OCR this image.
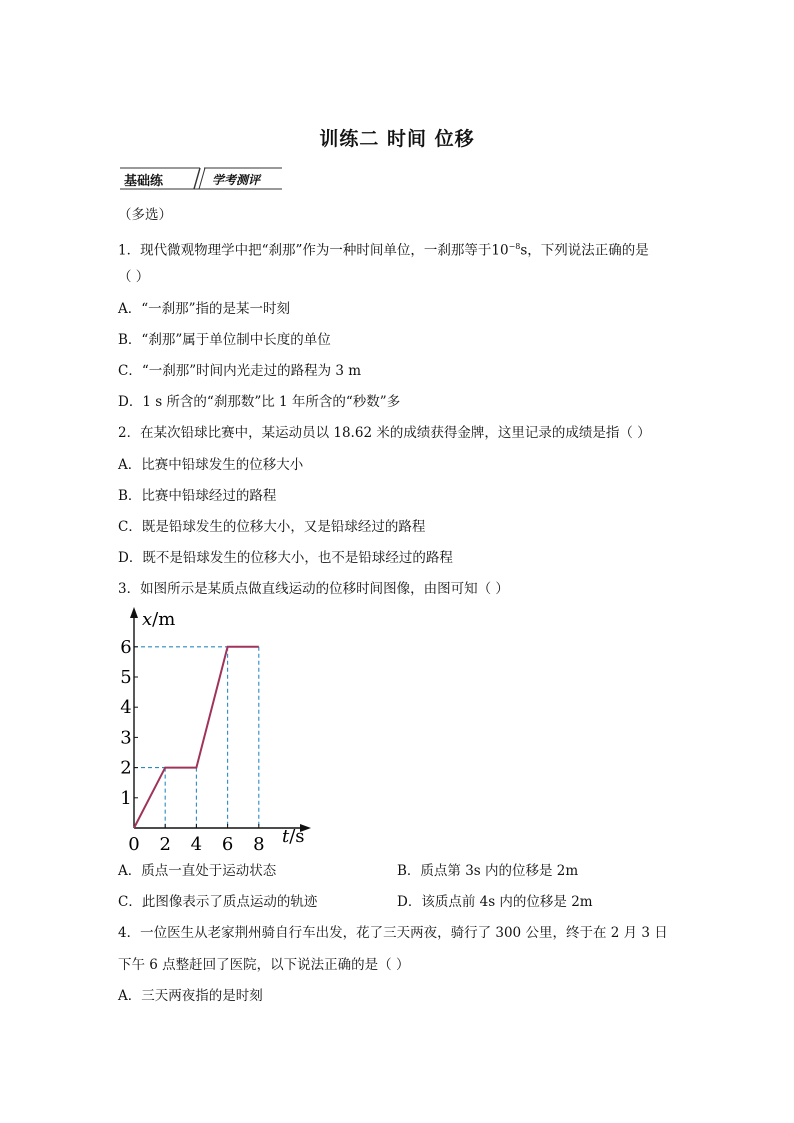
训练二 时间 位移
基础练	学考测评
（多选）
1．现代微观物理学中把“刹那”作为一种时间单位，一刹那等于$10^{-8}s$，下列说法正确的是
（ ）
A．“一刹那”指的是某一时刻
B．“刹那”属于单位制中长度的单位
C．“一刹那”时间内光走过的路程为 3 m
D．1 s 所含的“刹那数”比 1 年所含的“秒数”多
2．在某次铅球比赛中，某运动员以 18.62 米的成绩获得金牌，这里记录的成绩是指（ ）
A．比赛中铅球发生的位移大小
B．比赛中铅球经过的路程
C．既是铅球发生的位移大小，又是铅球经过的路程
D．既不是铅球发生的位移大小，也不是铅球经过的路程
3．如图所示是某质点做直线运动的位移时间图像，由图可知（ ）
1
2
3
4
5
6
0 2 4 6 8
x/m
t/s
A．质点一直处于运动状态	B．质点第 3s 内的位移是 2m
C．此图像表示了质点运动的轨迹	D．该质点前 4s 内的位移是 2m
4．一位医生从老家荆州骑自行车出发，花了三天两夜，骑行了 300 公里，终于在 2 月 3 日
下午 6 点整赶回了医院，以下说法正确的是（ ）
A．三天两夜指的是时刻
